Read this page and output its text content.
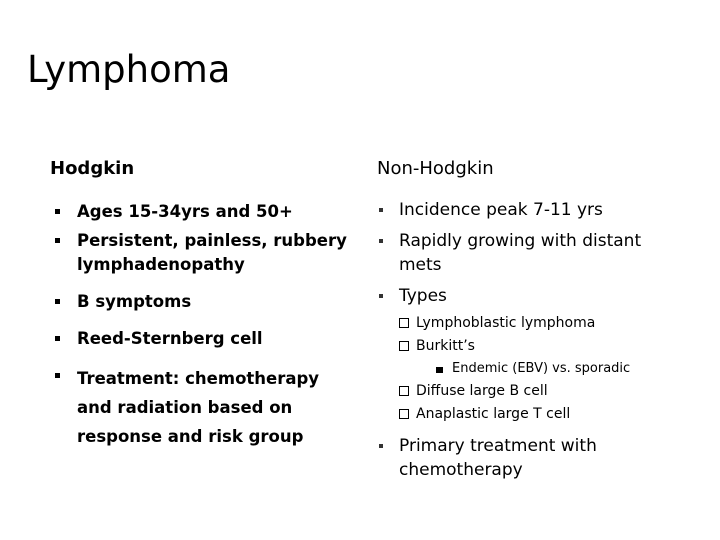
Lymphoma
Hodgkin	Non-Hodgkin
Ages 15-34yrs and 50+
Persistent, painless, rubbery lymphadenopathy
B symptoms
Reed-Sternberg cell
Treatment: chemotherapy and radiation based on response and risk group
Incidence peak 7-11 yrs
Rapidly growing with distant mets
Types
Lymphoblastic lymphoma
Burkitt’s
Endemic (EBV) vs. sporadic
Diffuse large B cell
Anaplastic large T cell
Primary treatment with chemotherapy
